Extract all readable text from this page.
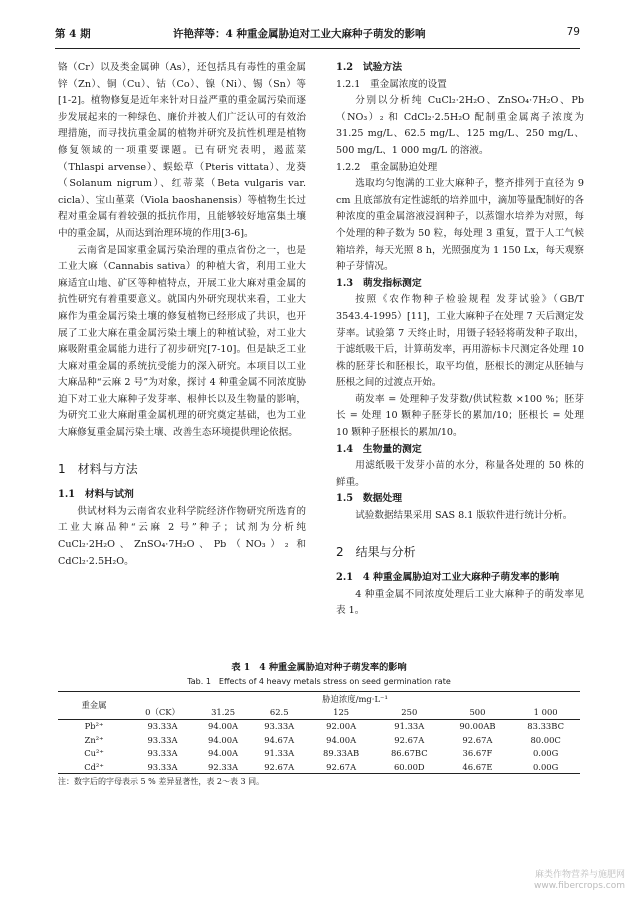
第 4 期	许艳萍等：4 种重金属胁迫对工业大麻种子萌发的影响	79

铬（Cr）以及类金属砷（As），还包括具有毒性的重金属锌（Zn）、铜（Cu）、钴（Co）、镍（Ni）、锡（Sn）等[1-2]。植物修复是近年来针对日益严重的重金属污染而逐步发展起来的一种绿色、廉价并被人们广泛认可的有效治理措施，而寻找抗重金属的植物并研究及抗性机理是植物修复领域的一项重要课题。已有研究表明，遏蓝菜（Thlaspi arvense）、蜈蚣草（Pteris vittata）、龙葵（Solanum nigrum）、红蒂菜（Beta vulgaris var. cicla）、宝山堇菜（Viola baoshanensis）等植物生长过程对重金属有着较强的抵抗作用，且能够较好地富集土壤中的重金属，从而达到治理环境的作用[3-6]。

云南省是国家重金属污染治理的重点省份之一，也是工业大麻（Cannabis sativa）的种植大省，利用工业大麻适宜山地、矿区等种植特点，开展工业大麻对重金属的抗性研究有着重要意义。就国内外研究现状来看，工业大麻作为重金属污染土壤的修复植物已经形成了共识，也开展了工业大麻在重金属污染土壤上的种植试验，对工业大麻吸附重金属能力进行了初步研究[7-10]。但是缺乏工业大麻对重金属的系统抗受能力的深入研究。本项目以工业大麻品种“云麻 2 号”为对象，探讨 4 种重金属不同浓度胁迫下对工业大麻种子发芽率、根伸长以及生物量的影响，为研究工业大麻耐重金属机理的研究奠定基础，也为工业大麻修复重金属污染土壤、改善生态环境提供理论依据。

1　材料与方法
1.1　材料与试剂

供试材料为云南省农业科学院经济作物研究所选育的工业大麻品种“云麻 2 号”种子；试剂为分析纯 CuCl₂·2H₂O、ZnSO₄·7H₂O、Pb（NO₃）₂ 和 CdCl₂·2.5H₂O。

1.2　试验方法
1.2.1　重金属浓度的设置

分别以分析纯 CuCl₂·2H₂O、ZnSO₄·7H₂O、Pb（NO₃）₂ 和 CdCl₂·2.5H₂O 配制重金属离子浓度为 31.25 mg/L、62.5 mg/L、125 mg/L、250 mg/L、500 mg/L、1 000 mg/L 的溶液。

1.2.2　重金属胁迫处理

选取均匀饱满的工业大麻种子，整齐排列于直径为 9 cm 且底部放有定性滤纸的培养皿中，滴加等量配制好的各种浓度的重金属溶液浸润种子，以蒸馏水培养为对照，每个处理的种子数为 50 粒，每处理 3 重复，置于人工气候箱培养，每天光照 8 h，光照强度为 1 150 Lx，每天观察种子芽情况。

1.3　萌发指标测定

按照《农作物种子检验规程 发芽试验》（GB/T 3543.4-1995）[11]，工业大麻种子在处理 7 天后测定发芽率。试验第 7 天终止时，用镊子轻轻将萌发种子取出，于滤纸吸干后，计算萌发率，再用游标卡尺测定各处理 10 株的胚芽长和胚根长，取平均值，胚根长的测定从胚轴与胚根之间的过渡点开始。

萌发率 = 处理种子发芽数/供试粒数 ×100 %；胚芽长 = 处理 10 颗种子胚芽长的累加/10；胚根长 = 处理 10 颗种子胚根长的累加/10。

1.4　生物量的测定

用滤纸吸干发芽小苗的水分，称量各处理的 50 株的鲜重。

1.5　数据处理

试验数据结果采用 SAS 8.1 版软件进行统计分析。

2　结果与分析
2.1　4 种重金属胁迫对工业大麻种子萌发率的影响

4 种重金属不同浓度处理后工业大麻种子的萌发率见表 1。

表 1　4 种重金属胁迫对种子萌发率的影响
Tab. 1　Effects of 4 heavy metals stress on seed germination rate
重金属	胁迫浓度/mg·L⁻¹						
	0（CK）	31.25	62.5	125	250	500	1 000
Pb²⁺	93.33A	94.00A	93.33A	92.00A	91.33A	90.00AB	83.33BC
Zn²⁺	93.33A	94.00A	94.67A	94.00A	92.67A	92.67A	80.00C
Cu²⁺	93.33A	94.00A	91.33A	89.33AB	86.67BC	36.67F	0.00G
Cd²⁺	93.33A	92.33A	92.67A	92.67A	60.00D	46.67E	0.00G
注：数字后的字母表示 5 % 差异显著性，表 2～表 3 同。
麻类作物营养与施肥网
www.fibercrops.com
